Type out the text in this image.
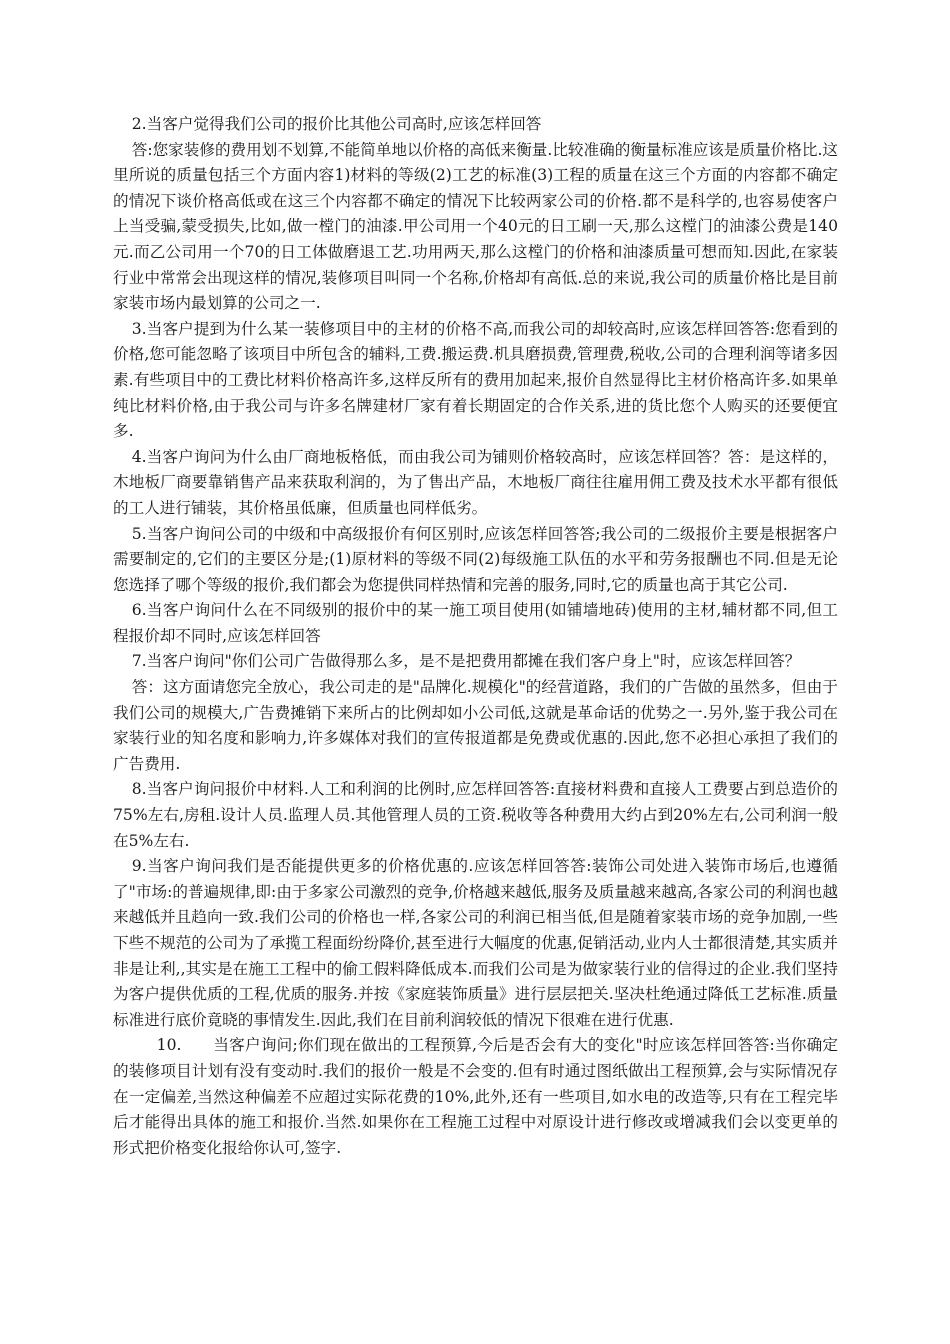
2.当客户觉得我们公司的报价比其他公司高时,应该怎样回答

答:您家装修的费用划不划算,不能简单地以价格的高低来衡量.比较准确的衡量标准应该是质量价格比.这里所说的质量包括三个方面内容1)材料的等级(2)工艺的标准(3)工程的质量在这三个方面的内容都不确定的情况下谈价格高低或在这三个内容都不确定的情况下比较两家公司的价格.都不是科学的,也容易使客户上当受骗,蒙受损失,比如,做一樘门的油漆.甲公司用一个40元的日工刷一天,那么这樘门的油漆公费是140元.而乙公司用一个70的日工体做磨退工艺.功用两天,那么这樘门的价格和油漆质量可想而知.因此,在家装行业中常常会出现这样的情况,装修项目叫同一个名称,价格却有高低.总的来说,我公司的质量价格比是目前家装市场内最划算的公司之一.

3.当客户提到为什么某一装修项目中的主材的价格不高,而我公司的却较高时,应该怎样回答答:您看到的价格,您可能忽略了该项目中所包含的辅料,工费.搬运费.机具磨损费,管理费,税收,公司的合理利润等诸多因素.有些项目中的工费比材料价格高许多,这样反所有的费用加起来,报价自然显得比主材价格高许多.如果单纯比材料价格,由于我公司与许多名牌建材厂家有着长期固定的合作关系,进的货比您个人购买的还要便宜多.

4.当客户询问为什么由厂商地板格低，而由我公司为铺则价格较高时，应该怎样回答？答：是这样的，木地板厂商要靠销售产品来获取利润的，为了售出产品，木地板厂商往往雇用佣工费及技术水平都有很低的工人进行铺装，其价格虽低廉，但质量也同样低劣。

5.当客户询问公司的中级和中高级报价有何区别时,应该怎样回答答;我公司的二级报价主要是根据客户需要制定的,它们的主要区分是;(1)原材料的等级不同(2)每级施工队伍的水平和劳务报酬也不同.但是无论您选择了哪个等级的报价,我们都会为您提供同样热情和完善的服务,同时,它的质量也高于其它公司.

6.当客户询问什么在不同级别的报价中的某一施工项目使用(如铺墙地砖)使用的主材,辅材都不同,但工程报价却不同时,应该怎样回答

7.当客户询问"你们公司广告做得那么多，是不是把费用都摊在我们客户身上"时，应该怎样回答？

答：这方面请您完全放心，我公司走的是"品牌化.规模化"的经营道路，我们的广告做的虽然多，但由于我们公司的规模大,广告费摊销下来所占的比例却如小公司低,这就是革命话的优势之一.另外,鉴于我公司在家装行业的知名度和影响力,许多媒体对我们的宣传报道都是免费或优惠的.因此,您不必担心承担了我们的广告费用.

8.当客户询问报价中材料.人工和利润的比例时,应怎样回答答:直接材料费和直接人工费要占到总造价的75%左右,房租.设计人员.监理人员.其他管理人员的工资.税收等各种费用大约占到20%左右,公司利润一般在5%左右.

9.当客户询问我们是否能提供更多的价格优惠的.应该怎样回答答:装饰公司处进入装饰市场后,也遵循了"市场:的普遍规律,即:由于多家公司激烈的竞争,价格越来越低,服务及质量越来越高,各家公司的利润也越来越低并且趋向一致.我们公司的价格也一样,各家公司的利润已相当低,但是随着家装市场的竞争加剧,一些下些不规范的公司为了承揽工程面纷纷降价,甚至进行大幅度的优惠,促销活动,业内人士都很清楚,其实质并非是让利,,其实是在施工工程中的偷工假料降低成本.而我们公司是为做家装行业的信得过的企业.我们坚持为客户提供优质的工程,优质的服务.并按《家庭装饰质量》进行层层把关.坚决杜绝通过降低工艺标准.质量标准进行底价竟晓的事情发生.因此,我们在目前利润较低的情况下很难在进行优惠.

10.　　当客户询问;你们现在做出的工程预算,今后是否会有大的变化"时应该怎样回答答:当你确定的装修项目计划有没有变动时.我们的报价一般是不会变的.但有时通过图纸做出工程预算,会与实际情况存在一定偏差,当然这种偏差不应超过实际花费的10%,此外,还有一些项目,如水电的改造等,只有在工程完毕后才能得出具体的施工和报价.当然.如果你在工程施工过程中对原设计进行修改或增减我们会以变更单的形式把价格变化报给你认可,签字.
